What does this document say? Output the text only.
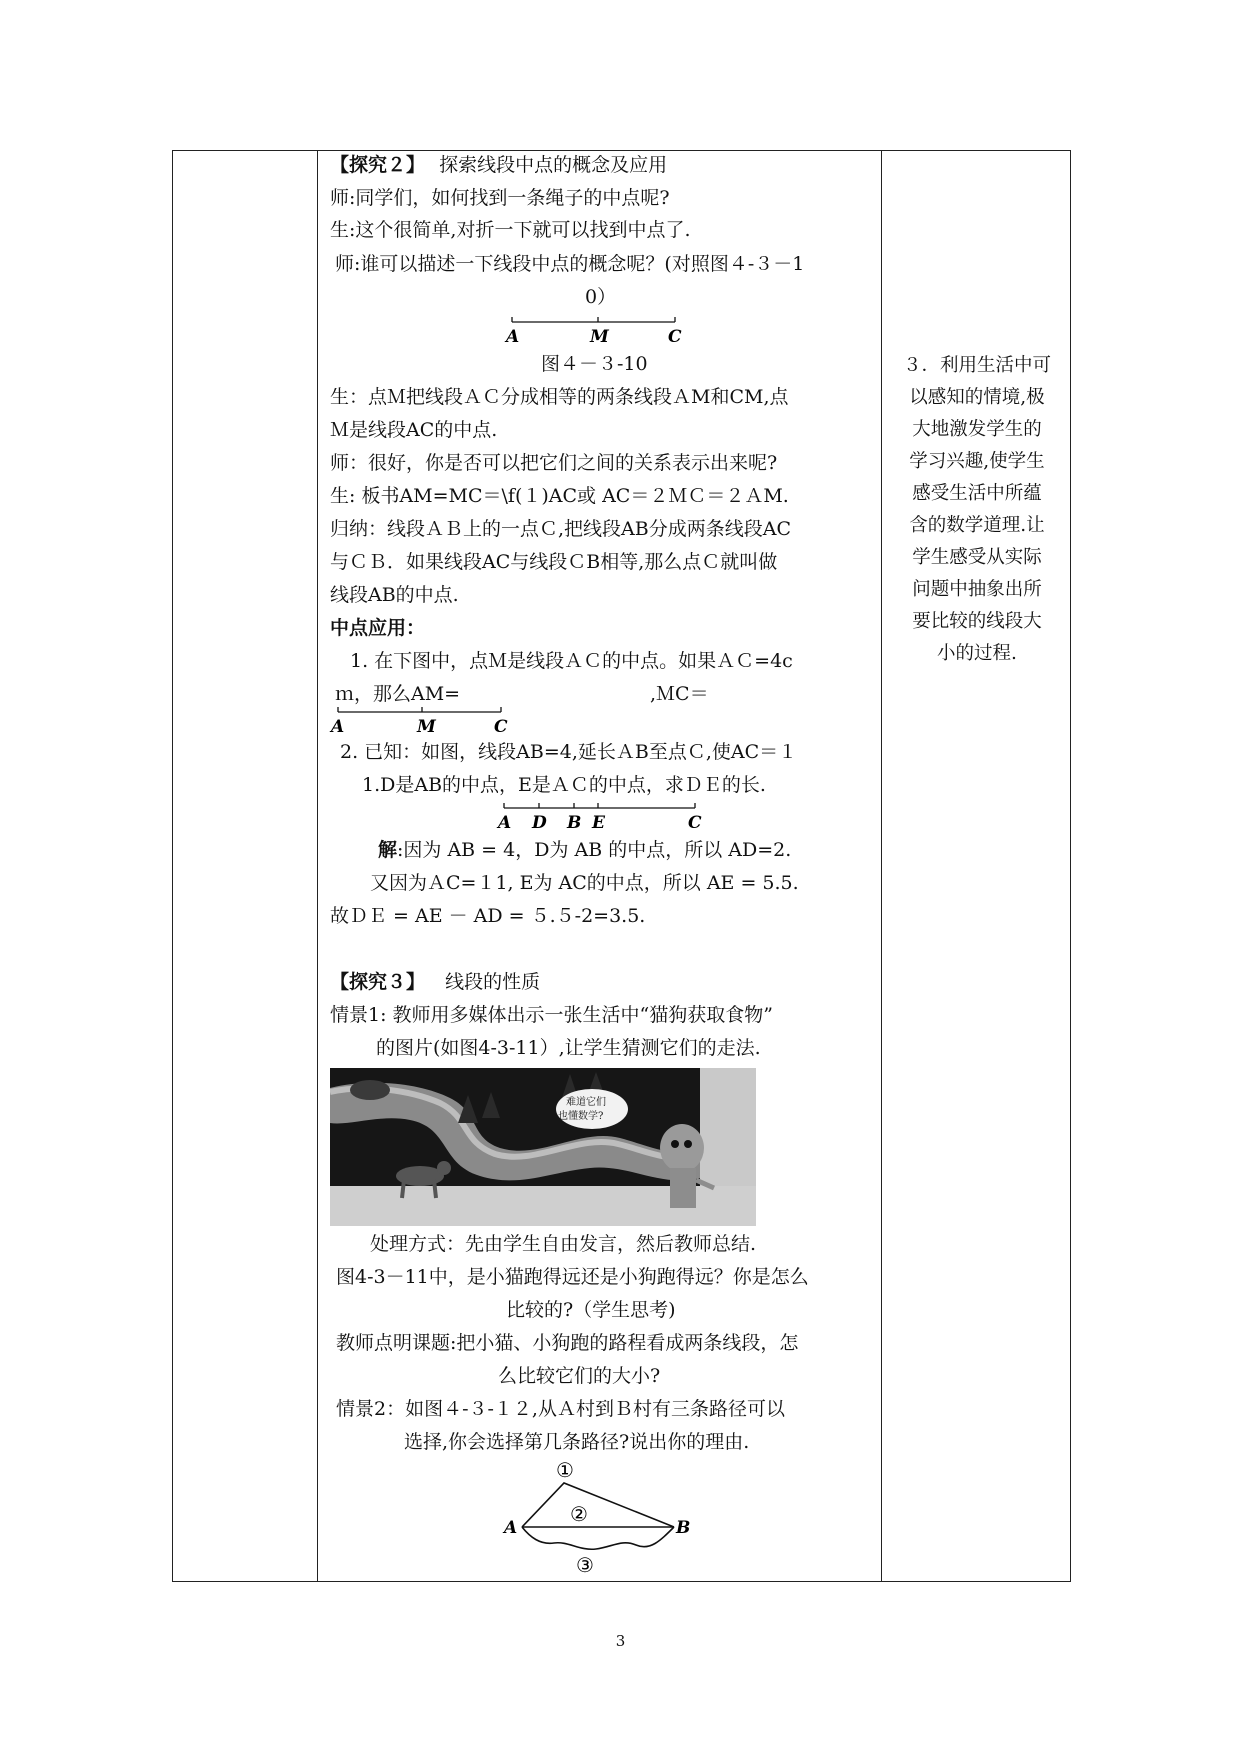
【探究２】 探索线段中点的概念及应用
师:同学们，如何找到一条绳子的中点呢?
生:这个很简单,对折一下就可以找到中点了.
师:谁可以描述一下线段中点的概念呢？(对照图４-３－1
0）
A	M	C
图４－３-10
生：点Ｍ把线段ＡＣ分成相等的两条线段ＡM和CM,点
Ｍ是线段AC的中点.
师：很好，你是否可以把它们之间的关系表示出来呢?
生: 板书AM=MC＝\f(１)AC或 AC＝２ＭＣ＝２ＡM.
归纳：线段ＡＢ上的一点Ｃ,把线段AB分成两条线段AC
与ＣＢ．如果线段AC与线段ＣB相等,那么点Ｃ就叫做
线段AB的中点.
中点应用：
1. 在下图中，点Ｍ是线段ＡＣ的中点。如果ＡＣ=4c
ｍ，那么AM=	,ＭC＝
A	M	C
2. 已知：如图，线段AB=4,延长ＡB至点Ｃ,使AC＝１
1.D是AB的中点，E是ＡＣ的中点，求ＤＥ的长.
A D B E	C
解:因为 AB = 4，D为 AB 的中点，所以 AD=2.
又因为ＡC=１1, E为 AC的中点，所以 AE = 5.5.
故ＤＥ = AE － AD = ５.５-2=3.5.
【探究３】 线段的性质
情景1: 教师用多媒体出示一张生活中“猫狗获取食物”
的图片(如图4-3-11）,让学生猜测它们的走法.
难道它们
也懂数学?
处理方式：先由学生自由发言，然后教师总结.
图4-3－11中，是小猫跑得远还是小狗跑得远？你是怎么
比较的?（学生思考)
教师点明课题:把小猫、小狗跑的路程看成两条线段，怎
么比较它们的大小?
情景2：如图４-３-１２,从Ａ村到Ｂ村有三条路径可以
选择,你会选择第几条路径?说出你的理由.
①
②
③
A	B
３．利用生活中可
以感知的情境,极
大地激发学生的
学习兴趣,使学生
感受生活中所蕴
含的数学道理.让
学生感受从实际
问题中抽象出所
要比较的线段大
小的过程.
3
